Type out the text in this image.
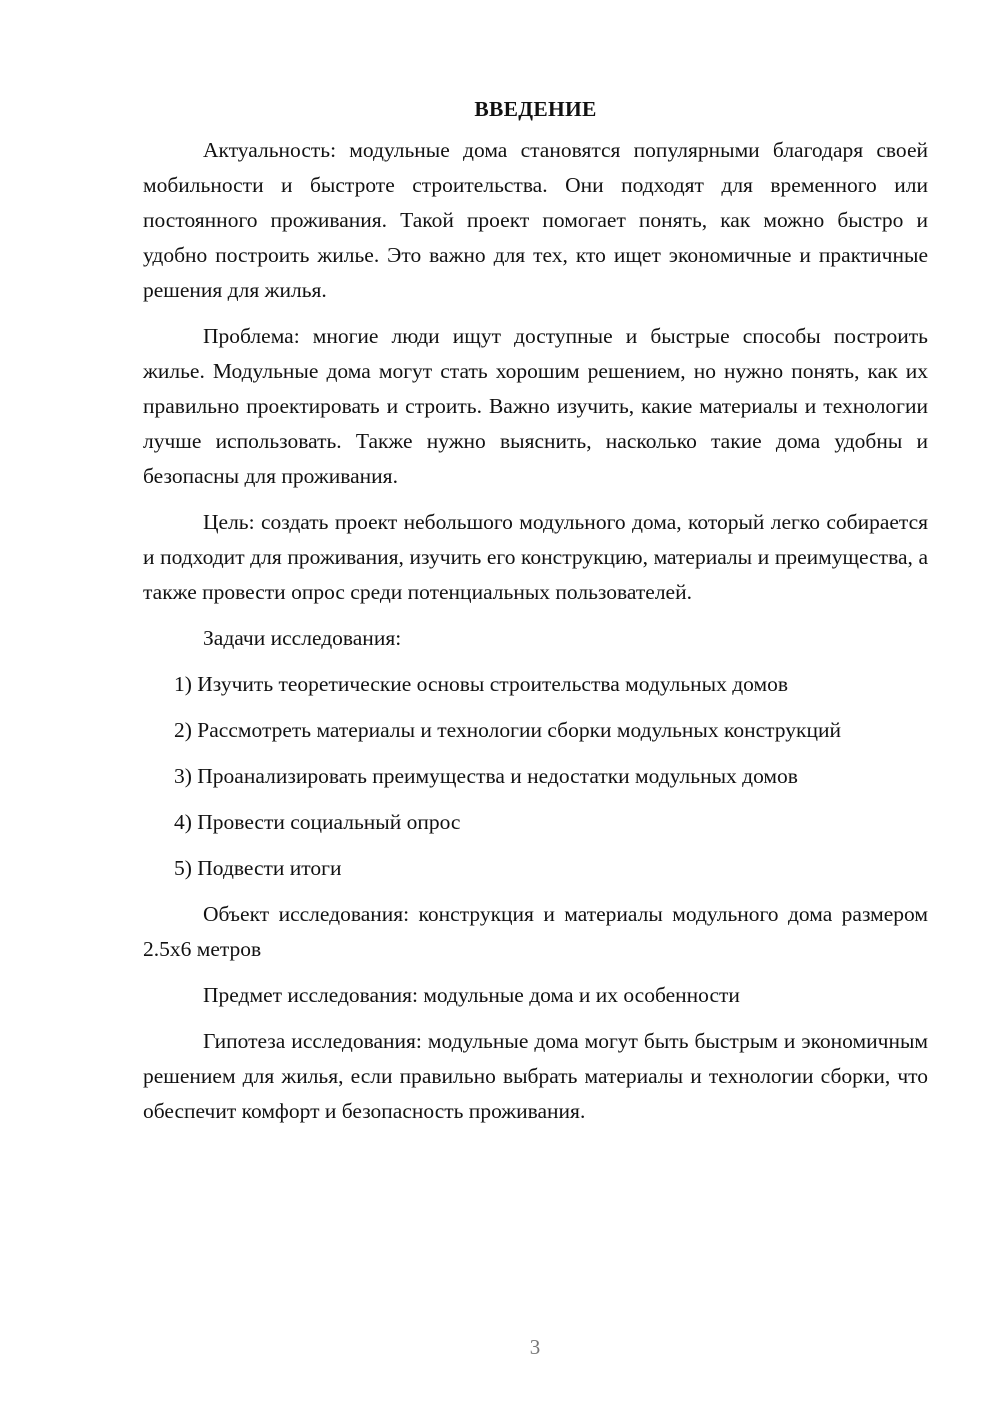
ВВЕДЕНИЕ

Актуальность: модульные дома становятся популярными благодаря своей мобильности и быстроте строительства. Они подходят для временного или постоянного проживания. Такой проект помогает понять, как можно быстро и удобно построить жилье. Это важно для тех, кто ищет экономичные и практичные решения для жилья.

Проблема: многие люди ищут доступные и быстрые способы построить жилье. Модульные дома могут стать хорошим решением, но нужно понять, как их правильно проектировать и строить. Важно изучить, какие материалы и технологии лучше использовать. Также нужно выяснить, насколько такие дома удобны и безопасны для проживания.

Цель: создать проект небольшого модульного дома, который легко собирается и подходит для проживания, изучить его конструкцию, материалы и преимущества, а также провести опрос среди потенциальных пользователей.

Задачи исследования:

1) Изучить теоретические основы строительства модульных домов

2) Рассмотреть материалы и технологии сборки модульных конструкций

3) Проанализировать преимущества и недостатки модульных домов

4) Провести социальный опрос

5) Подвести итоги

Объект исследования: конструкция и материалы модульного дома размером 2.5х6 метров

Предмет исследования: модульные дома и их особенности

Гипотеза исследования: модульные дома могут быть быстрым и экономичным решением для жилья, если правильно выбрать материалы и технологии сборки, что обеспечит комфорт и безопасность проживания.

3
